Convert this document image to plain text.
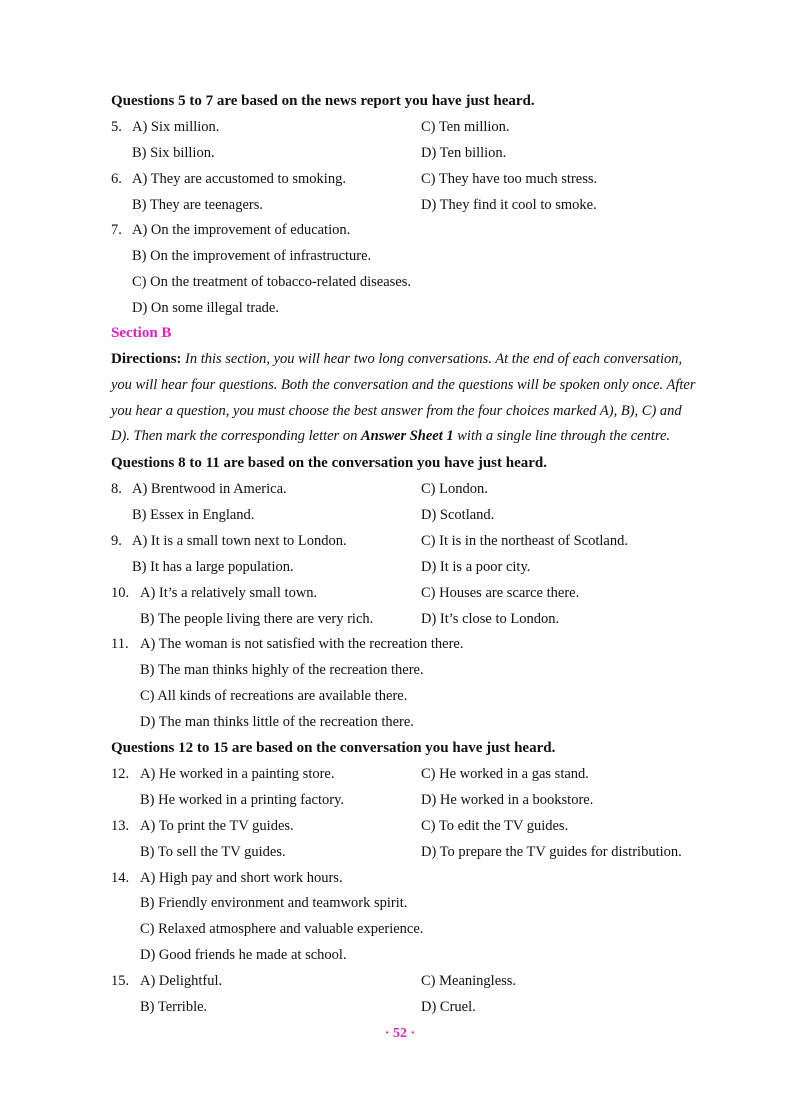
Questions 5 to 7 are based on the news report you have just heard.
5. A) Six million.	C) Ten million.
B) Six billion.	D) Ten billion.
6. A) They are accustomed to smoking.	C) They have too much stress.
B) They are teenagers.	D) They find it cool to smoke.
7. A) On the improvement of education.
B) On the improvement of infrastructure.
C) On the treatment of tobacco-related diseases.
D) On some illegal trade.
Section B
Directions: In this section, you will hear two long conversations. At the end of each conversation,
you will hear four questions. Both the conversation and the questions will be spoken only once. After
you hear a question, you must choose the best answer from the four choices marked A), B), C) and
D). Then mark the corresponding letter on Answer Sheet 1 with a single line through the centre.
Questions 8 to 11 are based on the conversation you have just heard.
8. A) Brentwood in America.	C) London.
B) Essex in England.	D) Scotland.
9. A) It is a small town next to London.	C) It is in the northeast of Scotland.
B) It has a large population.	D) It is a poor city.
10. A) It’s a relatively small town.	C) Houses are scarce there.
B) The people living there are very rich.	D) It’s close to London.
11. A) The woman is not satisfied with the recreation there.
B) The man thinks highly of the recreation there.
C) All kinds of recreations are available there.
D) The man thinks little of the recreation there.
Questions 12 to 15 are based on the conversation you have just heard.
12. A) He worked in a painting store.	C) He worked in a gas stand.
B) He worked in a printing factory.	D) He worked in a bookstore.
13. A) To print the TV guides.	C) To edit the TV guides.
B) To sell the TV guides.	D) To prepare the TV guides for distribution.
14. A) High pay and short work hours.
B) Friendly environment and teamwork spirit.
C) Relaxed atmosphere and valuable experience.
D) Good friends he made at school.
15. A) Delightful.	C) Meaningless.
B) Terrible.	D) Cruel.
· 52 ·
